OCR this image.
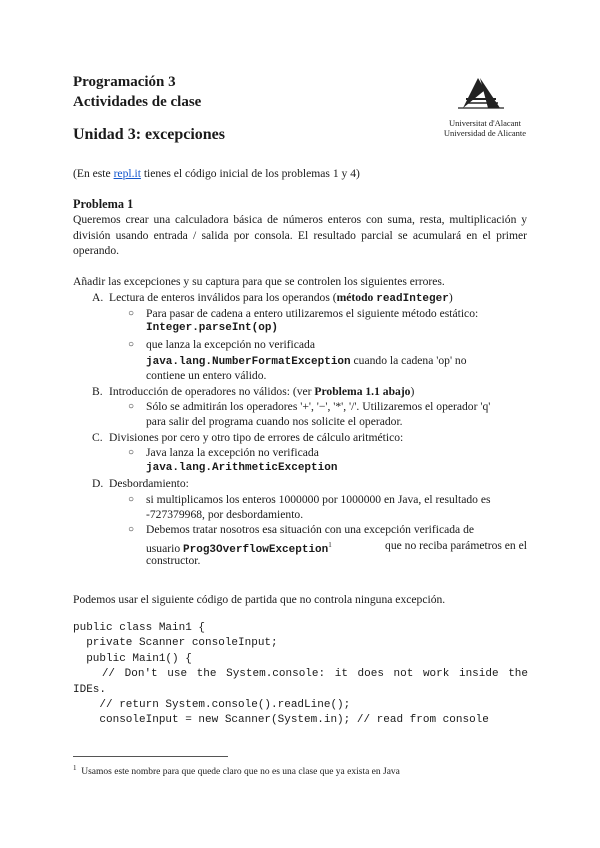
Programación 3
Actividades de clase
Unidad 3: excepciones
Universitat d'Alacant
Universidad de Alicante
(En este repl.it tienes el código inicial de los problemas 1 y 4)
Problema 1
Queremos crear una calculadora básica de números enteros con suma, resta, multiplicación y división usando entrada / salida por consola. El resultado parcial se acumulará en el primer operando.
Añadir las excepciones y su captura para que se controlen los siguientes errores.
A. Lectura de enteros inválidos para los operandos (método readInteger)
○ Para pasar de cadena a entero utilizaremos el siguiente método estático:
Integer.parseInt(op)
○ que lanza la excepción no verificada
java.lang.NumberFormatException cuando la cadena 'op' no
contiene un entero válido.
B. Introducción de operadores no válidos: (ver Problema 1.1 abajo)
○ Sólo se admitirán los operadores '+', '−', '*', '/'. Utilizaremos el operador 'q'
para salir del programa cuando nos solicite el operador.
C. Divisiones por cero y otro tipo de errores de cálculo aritmético:
○ Java lanza la excepción no verificada
java.lang.ArithmeticException
D. Desbordamiento:
○ si multiplicamos los enteros 1000000 por 1000000 en Java, el resultado es
-727379968, por desbordamiento.
○ Debemos tratar nosotros esa situación con una excepción verificada de
usuario Prog3OverflowException$^1$	que no reciba parámetros en el
constructor.
Podemos usar el siguiente código de partida que no controla ninguna excepción.
public class Main1 {
private Scanner consoleInput;
public Main1() {
// Don't use the System.console: it does not work inside the
IDEs.
// return System.console().readLine();
consoleInput = new Scanner(System.in); // read from console
$^1$ Usamos este nombre para que quede claro que no es una clase que ya exista en Java
